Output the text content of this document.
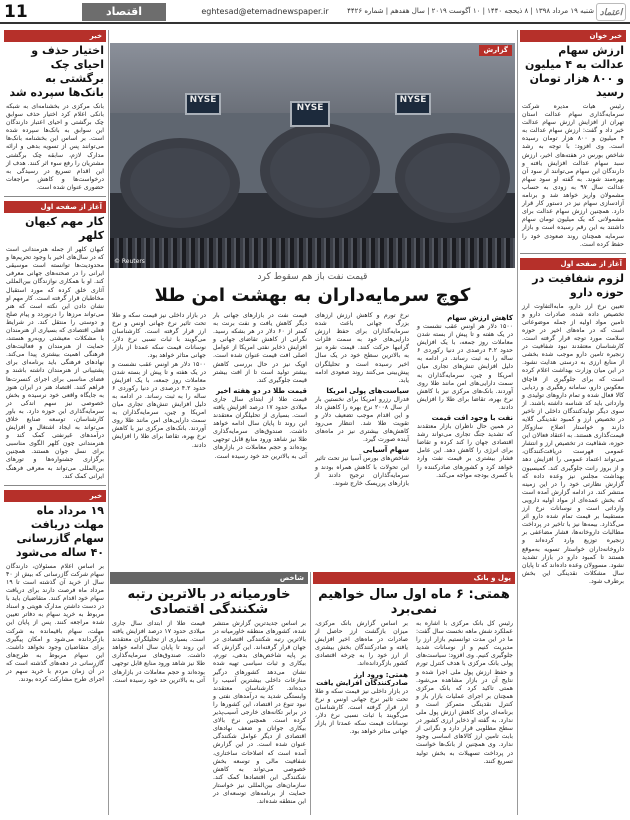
11	اقتصاد	eghtesad@etemadnewspaper.ir	شنبه ۱۹ مرداد ۱۳۹۸ | ۸ ذیحجه ۱۴۴۰ | ۱۰ آگوست ۲۰۱۹ | سال هفدهم | شماره ۴۴۲۶ اعتماد
خبر خوان
ارزش سهام عدالت به ۴ میلیون و ۸۰۰ هزار تومان رسید
رئیس هیات مدیره شرکت سرمایه‌گذاری سهام عدالت استان تهران از افزایش ارزش سهام عدالت خبر داد و گفت: ارزش سهام عدالت به ۴ میلیون و ۸۰۰ هزار تومان رسیده است. وی افزود: با توجه به رشد شاخص بورس در هفته‌های اخیر، ارزش سبد سهام عدالت افزایش یافته و دارندگان این سهام می‌توانند از سود آن بهره‌مند شوند. به گفته او سود سهام عدالت سال ۹۷ به زودی به حساب مشمولان واریز خواهد شد و برنامه آزادسازی سهام نیز در دستور کار قرار دارد. همچنین ارزش سهام عدالت برای مشمولانی که یک میلیون تومان سهام داشتند به این رقم رسیده است و بازار سرمایه همچنان روند صعودی خود را حفظ کرده است.
آغاز از صفحه اول
لزوم شفافیت در حوزه دارو
تعیین نرخ ارز دارو، مابه‌التفاوت ارز تخصیص داده شده، صادرات دارو و تامین مواد اولیه از جمله موضوعاتی است که در ماه‌های اخیر در حوزه سلامت مورد توجه قرار گرفته است. کارشناسان معتقدند نبود شفافیت در زنجیره تامین دارو موجب شده بخشی از منابع ارزی به درستی هدایت نشود. در این میان وزارت بهداشت اعلام کرده است که برای جلوگیری از قاچاق معکوس دارو، سامانه رهگیری و ردیابی کالا فعال شده و تمام داروهای تولیدی و وارداتی باید کد شناسه داشته باشند. از سوی دیگر تولیدکنندگان داخلی از تاخیر در تخصیص ارز و کمبود نقدینگی گلایه دارند و خواستار اصلاح سازوکار قیمت‌گذاری هستند. به اعتقاد فعالان این حوزه، شفافیت در تخصیص ارز و انتشار عمومی فهرست دریافت‌کنندگان، می‌تواند اعتماد عمومی را افزایش دهد و از بروز رانت جلوگیری کند. کمیسیون بهداشت مجلس نیز وعده داده که گزارش نظارتی خود را در این زمینه منتشر کند. در ادامه گزارش آمده است که بخش عمده‌ای از مواد اولیه دارویی وارداتی است و نوسانات نرخ ارز مستقیما بر قیمت تمام شده دارو اثر می‌گذارد. بیمه‌ها نیز با تاخیر در پرداخت مطالبات داروخانه‌ها، فشار مضاعفی بر زنجیره توزیع وارد کرده‌اند و داروخانه‌داران خواستار تسویه به‌موقع هستند تا کمبود دارو در بازار تشدید نشود. مسوولان وعده داده‌اند که تا پایان سال مشکلات نقدینگی این بخش برطرف شود.
خبر
اختیار حذف و احیای چک برگشتی به بانک‌ها سپرده شد
بانک مرکزی در بخشنامه‌ای به شبکه بانکی اعلام کرد اختیار حذف سوابق چک برگشتی و احیای اعتبار دارندگان این سوابق به بانک‌ها سپرده شده است. بر اساس این بخشنامه بانک‌ها می‌توانند پس از تسویه بدهی و ارائه مدارک لازم، سابقه چک برگشتی مشتریان را رفع سوء اثر کنند. هدف از این اقدام تسریع در رسیدگی به درخواست‌ها و کاهش مراجعات حضوری عنوان شده است.
آغاز از صفحه اول
کار مهم کیهان کلهر
کیهان کلهر از جمله هنرمندانی است که در سال‌های اخیر با وجود تحریم‌ها و محدودیت‌ها توانسته است موسیقی ایرانی را در صحنه‌های جهانی معرفی کند. او با همکاری نوازندگان بین‌المللی آثاری خلق کرده که مورد استقبال مخاطبان قرار گرفته است. کار مهم او نشان دادن این نکته است که هنر می‌تواند مرزها را درنوردد و پیام صلح و دوستی را منتقل کند. در شرایط فعلی اقتصادی که بسیاری از هنرمندان با مشکلات معیشتی روبه‌رو هستند، حمایت از هنرمندان و فعالیت‌های فرهنگی اهمیت بیشتری پیدا می‌کند. نهادهای فرهنگی باید برنامه‌ای برای پشتیبانی از هنرمندان داشته باشند و فضای مناسبی برای اجرای کنسرت‌ها فراهم کنند. اقتصاد هنر در ایران هنوز به جایگاه واقعی خود نرسیده و بخش خصوصی نیز سهم اندکی در سرمایه‌گذاری این حوزه دارد. به باور کارشناسان، توسعه صنایع خلاق می‌تواند به ایجاد اشتغال و افزایش درآمدهای غیرنفتی کمک کند و هنرمندانی چون کلهر الگوی مناسبی برای نسل جوان هستند. همچنین برگزاری جشنواره‌ها و تورهای بین‌المللی می‌تواند به معرفی فرهنگ ایرانی کمک کند.
خبر
۱۹ مرداد ماه مهلت دریافت سهام گازرسانی ۴۰ ساله می‌شود
بر اساس اعلام مسئولان، دارندگان سهام شرکت گازرسانی که بیش از ۴۰ سال از خرید آن گذشته است تا ۱۹ مرداد ماه فرصت دارند برای دریافت سهام خود اقدام کنند. متقاضیان باید با در دست داشتن مدارک هویتی و اسناد مربوط به خرید سهام به دفاتر تعیین شده مراجعه کنند. پس از پایان این مهلت، سهام باقیمانده به شرکت بازگردانده می‌شود و امکان پیگیری برای متقاضیان وجود نخواهد داشت. این سهام مربوط به طرح‌های گازرسانی در دهه‌های گذشته است که در آن زمان مردم با خرید سهم در اجرای طرح مشارکت کرده بودند.
NYSE
NYSE
NYSE
گزارش
© Reuters
قیمت نفت باز هم سقوط کرد
کوچ سرمایه‌داران به بهشت امن طلا
کاهش ارزش سهام
۱۵۰۰ دلار هر اونس عقب نشست و در یک هفته و تا پیش از بسته شدن معاملات روز جمعه، با یک افزایش حدود ۴.۲ درصدی در دنیا رکوردی ۶ ساله را به ثبت رساند. در ادامه به دلیل افزایش تنش‌های تجاری میان امریکا و چین، سرمایه‌گذاران به سمت دارایی‌های امن مانند طلا روی آوردند. بانک‌های مرکزی نیز با کاهش نرخ بهره، تقاضا برای طلا را افزایش دادند.
نفت با وجود افت قیمت
در همین حال ناظران بازار معتقدند که تشدید جنگ تجاری می‌تواند رشد اقتصادی جهان را کند کرده و تقاضا برای انرژی را کاهش دهد. این عامل فشار بیشتری بر قیمت نفت وارد خواهد کرد و کشورهای صادرکننده را با کسری بودجه مواجه می‌کند.
نرخ تورم و کاهش ارزش ارزهای بزرگ جهانی باعث شده سرمایه‌گذاران برای حفظ ارزش دارایی‌های خود به سمت فلزات گرانبها حرکت کنند. قیمت نقره نیز به بالاترین سطح خود در یک سال اخیر رسیده است و تحلیلگران پیش‌بینی می‌کنند روند صعودی ادامه یابد.
سیاست‌های پولی امریکا
فدرال رزرو امریکا برای نخستین بار از سال ۲۰۰۸ نرخ بهره را کاهش داد و این اقدام موجب تضعیف دلار و تقویت طلا شد. انتظار می‌رود کاهش‌های بیشتری نیز در ماه‌های آینده صورت گیرد.
سهام آسیایی
شاخص‌های بورس آسیا نیز تحت تاثیر این تحولات با کاهش همراه بودند و سرمایه‌گذاران ترجیح دادند از بازارهای پرریسک خارج شوند.
قیمت نفت در بازارهای جهانی بار دیگر کاهش یافت و نفت برنت به کمتر از ۶۰ دلار در هر بشکه رسید. نگرانی از کاهش تقاضای جهانی و افزایش ذخایر نفتی امریکا از عوامل اصلی افت قیمت عنوان شده است. اوپک نیز در حال بررسی کاهش بیشتر تولید است تا از افت بیشتر قیمت جلوگیری کند.
قیمت طلا در دو هفته اخیر
قیمت طلا از ابتدای سال جاری میلادی حدود ۱۷ درصد افزایش یافته است. بسیاری از تحلیلگران معتقدند این روند تا پایان سال ادامه خواهد داشت. صندوق‌های سرمایه‌گذاری طلا نیز شاهد ورود منابع قابل توجهی بوده‌اند و حجم معاملات در بازارهای آتی به بالاترین حد خود رسیده است.
در بازار داخلی نیز قیمت سکه و طلا تحت تاثیر نرخ جهانی اونس و نرخ ارز قرار گرفته است. کارشناسان می‌گویند با ثبات نسبی نرخ دلار، نوسانات قیمت سکه عمدتا از بازار جهانی متاثر خواهد بود.
۱۵۰۰ دلار هر اونس عقب نشست و در یک هفته و تا پیش از بسته شدن معاملات روز جمعه، با یک افزایش حدود ۴.۲ درصدی در دنیا رکوردی ۶ ساله را به ثبت رساند. در ادامه به دلیل افزایش تنش‌های تجاری میان امریکا و چین، سرمایه‌گذاران به سمت دارایی‌های امن مانند طلا روی آوردند. بانک‌های مرکزی نیز با کاهش نرخ بهره، تقاضا برای طلا را افزایش دادند.
پول و بانک
همتی: ۶ ماه اول سال خواهیم نمی‌برد
رئیس کل بانک مرکزی با اشاره به عملکرد شش ماهه نخست سال گفت: ما در این مدت توانستیم بازار ارز را مدیریت کنیم و از نوسانات شدید جلوگیری کنیم. وی افزود: سیاست‌های پولی بانک مرکزی با هدف کنترل تورم و حفظ ارزش پول ملی اجرا شده و نتایج آن در بازار مشاهده می‌شود. همتی تاکید کرد که بانک مرکزی همچنان بر اجرای عملیات بازار باز و کنترل نقدینگی متمرکز است و برنامه‌ای برای کاهش ارزش پول ملی ندارد. به گفته او ذخایر ارزی کشور در سطح مطلوبی قرار دارد و نگرانی از بابت تامین ارز کالاهای اساسی وجود ندارد. وی همچنین از بانک‌ها خواست در پرداخت تسهیلات به بخش تولید تسریع کنند.
بر اساس گزارش بانک مرکزی، میزان بازگشت ارز حاصل از صادرات در ماه‌های اخیر افزایش یافته و صادرکنندگان بخش بیشتری از ارز خود را به چرخه اقتصادی کشور بازگردانده‌اند.
همتی: ورود ارز صادرکنندگان افزایش یافت
در بازار داخلی نیز قیمت سکه و طلا تحت تاثیر نرخ جهانی اونس و نرخ ارز قرار گرفته است. کارشناسان می‌گویند با ثبات نسبی نرخ دلار، نوسانات قیمت سکه عمدتا از بازار جهانی متاثر خواهد بود.
شاخص
خاورمیانه در بالاترین رتبه شکنندگی اقتصادی
بر اساس جدیدترین گزارش منتشر شده، کشورهای منطقه خاورمیانه در بالاترین رتبه شکنندگی اقتصادی در جهان قرار گرفته‌اند. این گزارش که بر پایه شاخص‌های بدهی، تورم، بیکاری و ثبات سیاسی تهیه شده نشان می‌دهد کشورهای درگیر منازعات داخلی بیشترین آسیب را دیده‌اند. کارشناسان معتقدند وابستگی شدید به درآمدهای نفتی و نبود تنوع در اقتصاد، این کشورها را در برابر تکانه‌های خارجی آسیب‌پذیر کرده است. همچنین نرخ بالای بیکاری جوانان و ضعف نهادهای اقتصادی از دیگر عوامل شکنندگی عنوان شده است. در این گزارش آمده است که اصلاحات ساختاری، شفافیت مالی و توسعه بخش خصوصی می‌تواند به کاهش شکنندگی این اقتصادها کمک کند. سازمان‌های بین‌المللی نیز خواستار حمایت از برنامه‌های توسعه‌ای در این منطقه شده‌اند.
قیمت طلا از ابتدای سال جاری میلادی حدود ۱۷ درصد افزایش یافته است. بسیاری از تحلیلگران معتقدند این روند تا پایان سال ادامه خواهد داشت. صندوق‌های سرمایه‌گذاری طلا نیز شاهد ورود منابع قابل توجهی بوده‌اند و حجم معاملات در بازارهای آتی به بالاترین حد خود رسیده است.
